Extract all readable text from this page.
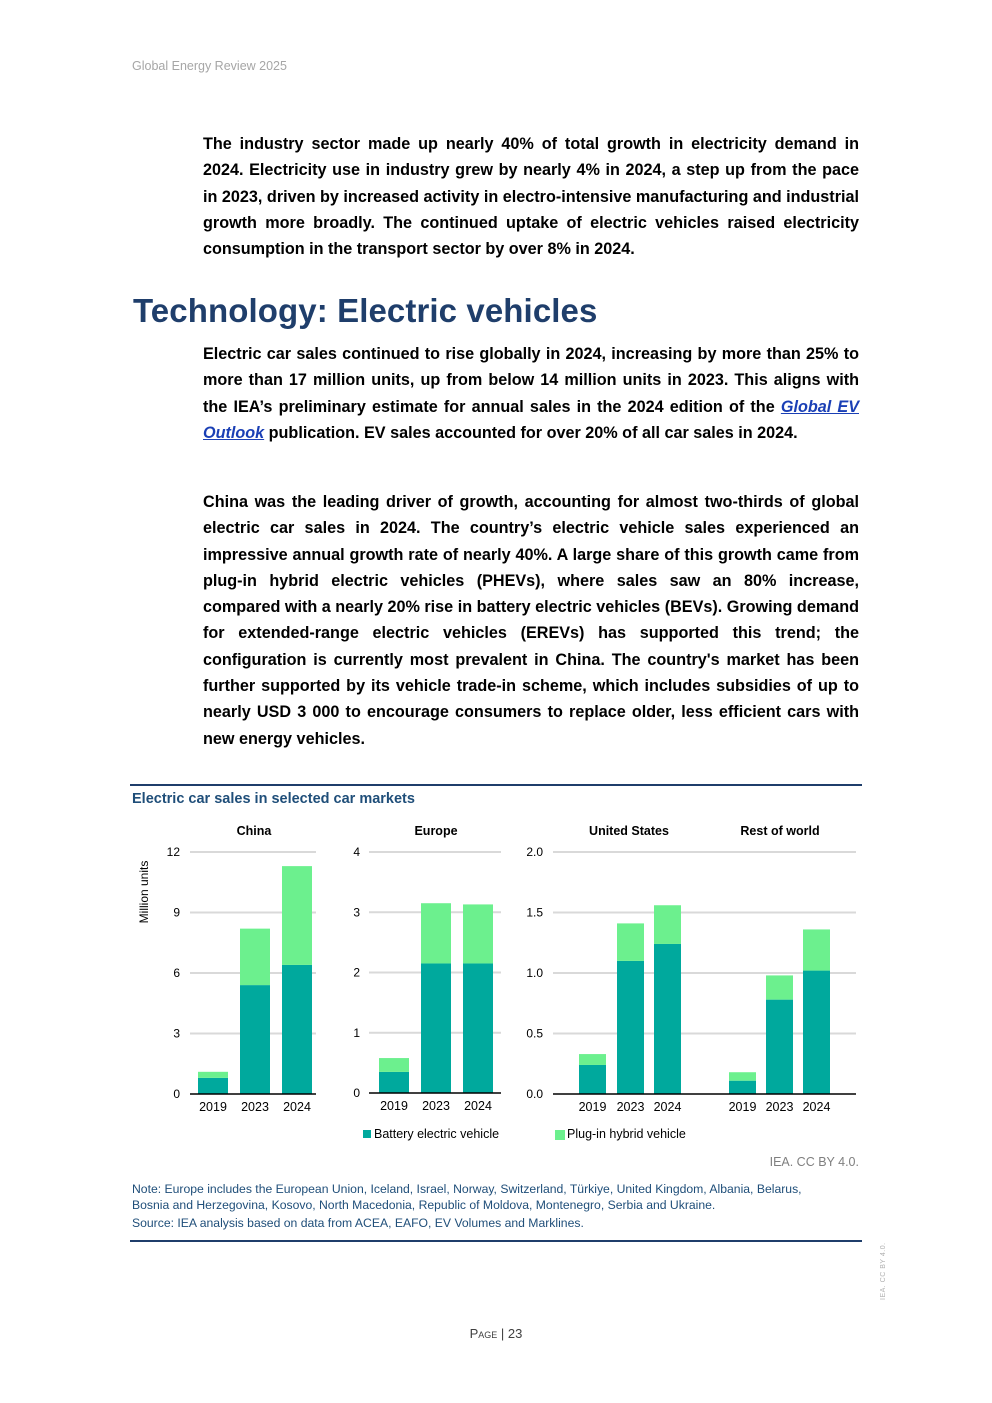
Global Energy Review 2025

The industry sector made up nearly 40% of total growth in electricity demand in 2024. Electricity use in industry grew by nearly 4% in 2024, a step up from the pace in 2023, driven by increased activity in electro-intensive manufacturing and industrial growth more broadly. The continued uptake of electric vehicles raised electricity consumption in the transport sector by over 8% in 2024.

Technology: Electric vehicles

Electric car sales continued to rise globally in 2024, increasing by more than 25% to more than 17 million units, up from below 14 million units in 2023. This aligns with the IEA’s preliminary estimate for annual sales in the 2024 edition of the Global EV Outlook publication. EV sales accounted for over 20% of all car sales in 2024.

China was the leading driver of growth, accounting for almost two-thirds of global electric car sales in 2024. The country’s electric vehicle sales experienced an impressive annual growth rate of nearly 40%. A large share of this growth came from plug-in hybrid electric vehicles (PHEVs), where sales saw an 80% increase, compared with a nearly 20% rise in battery electric vehicles (BEVs). Growing demand for extended-range electric vehicles (EREVs) has supported this trend; the configuration is currently most prevalent in China. The country's market has been further supported by its vehicle trade-in scheme, which includes subsidies of up to nearly USD 3 000 to encourage consumers to replace older, less efficient cars with new energy vehicles.

Electric car sales in selected car markets
China
0
3
6
9
12
2019 2023 2024
Europe
0
1
2
3
4
2019 2023 2024
United States
0.0
0.5
1.0
1.5
2.0
2019 2023 2024
Rest of world
2019 2023 2024
Million units
Battery electric vehicle	Plug-in hybrid vehicle
IEA. CC BY 4.0.

Note: Europe includes the European Union, Iceland, Israel, Norway, Switzerland, Türkiye, United Kingdom, Albania, Belarus, Bosnia and Herzegovina, Kosovo, North Macedonia, Republic of Moldova, Montenegro, Serbia and Ukraine.

Source: IEA analysis based on data from ACEA, EAFO, EV Volumes and Marklines.

Page | 23
IEA. CC BY 4.0.
